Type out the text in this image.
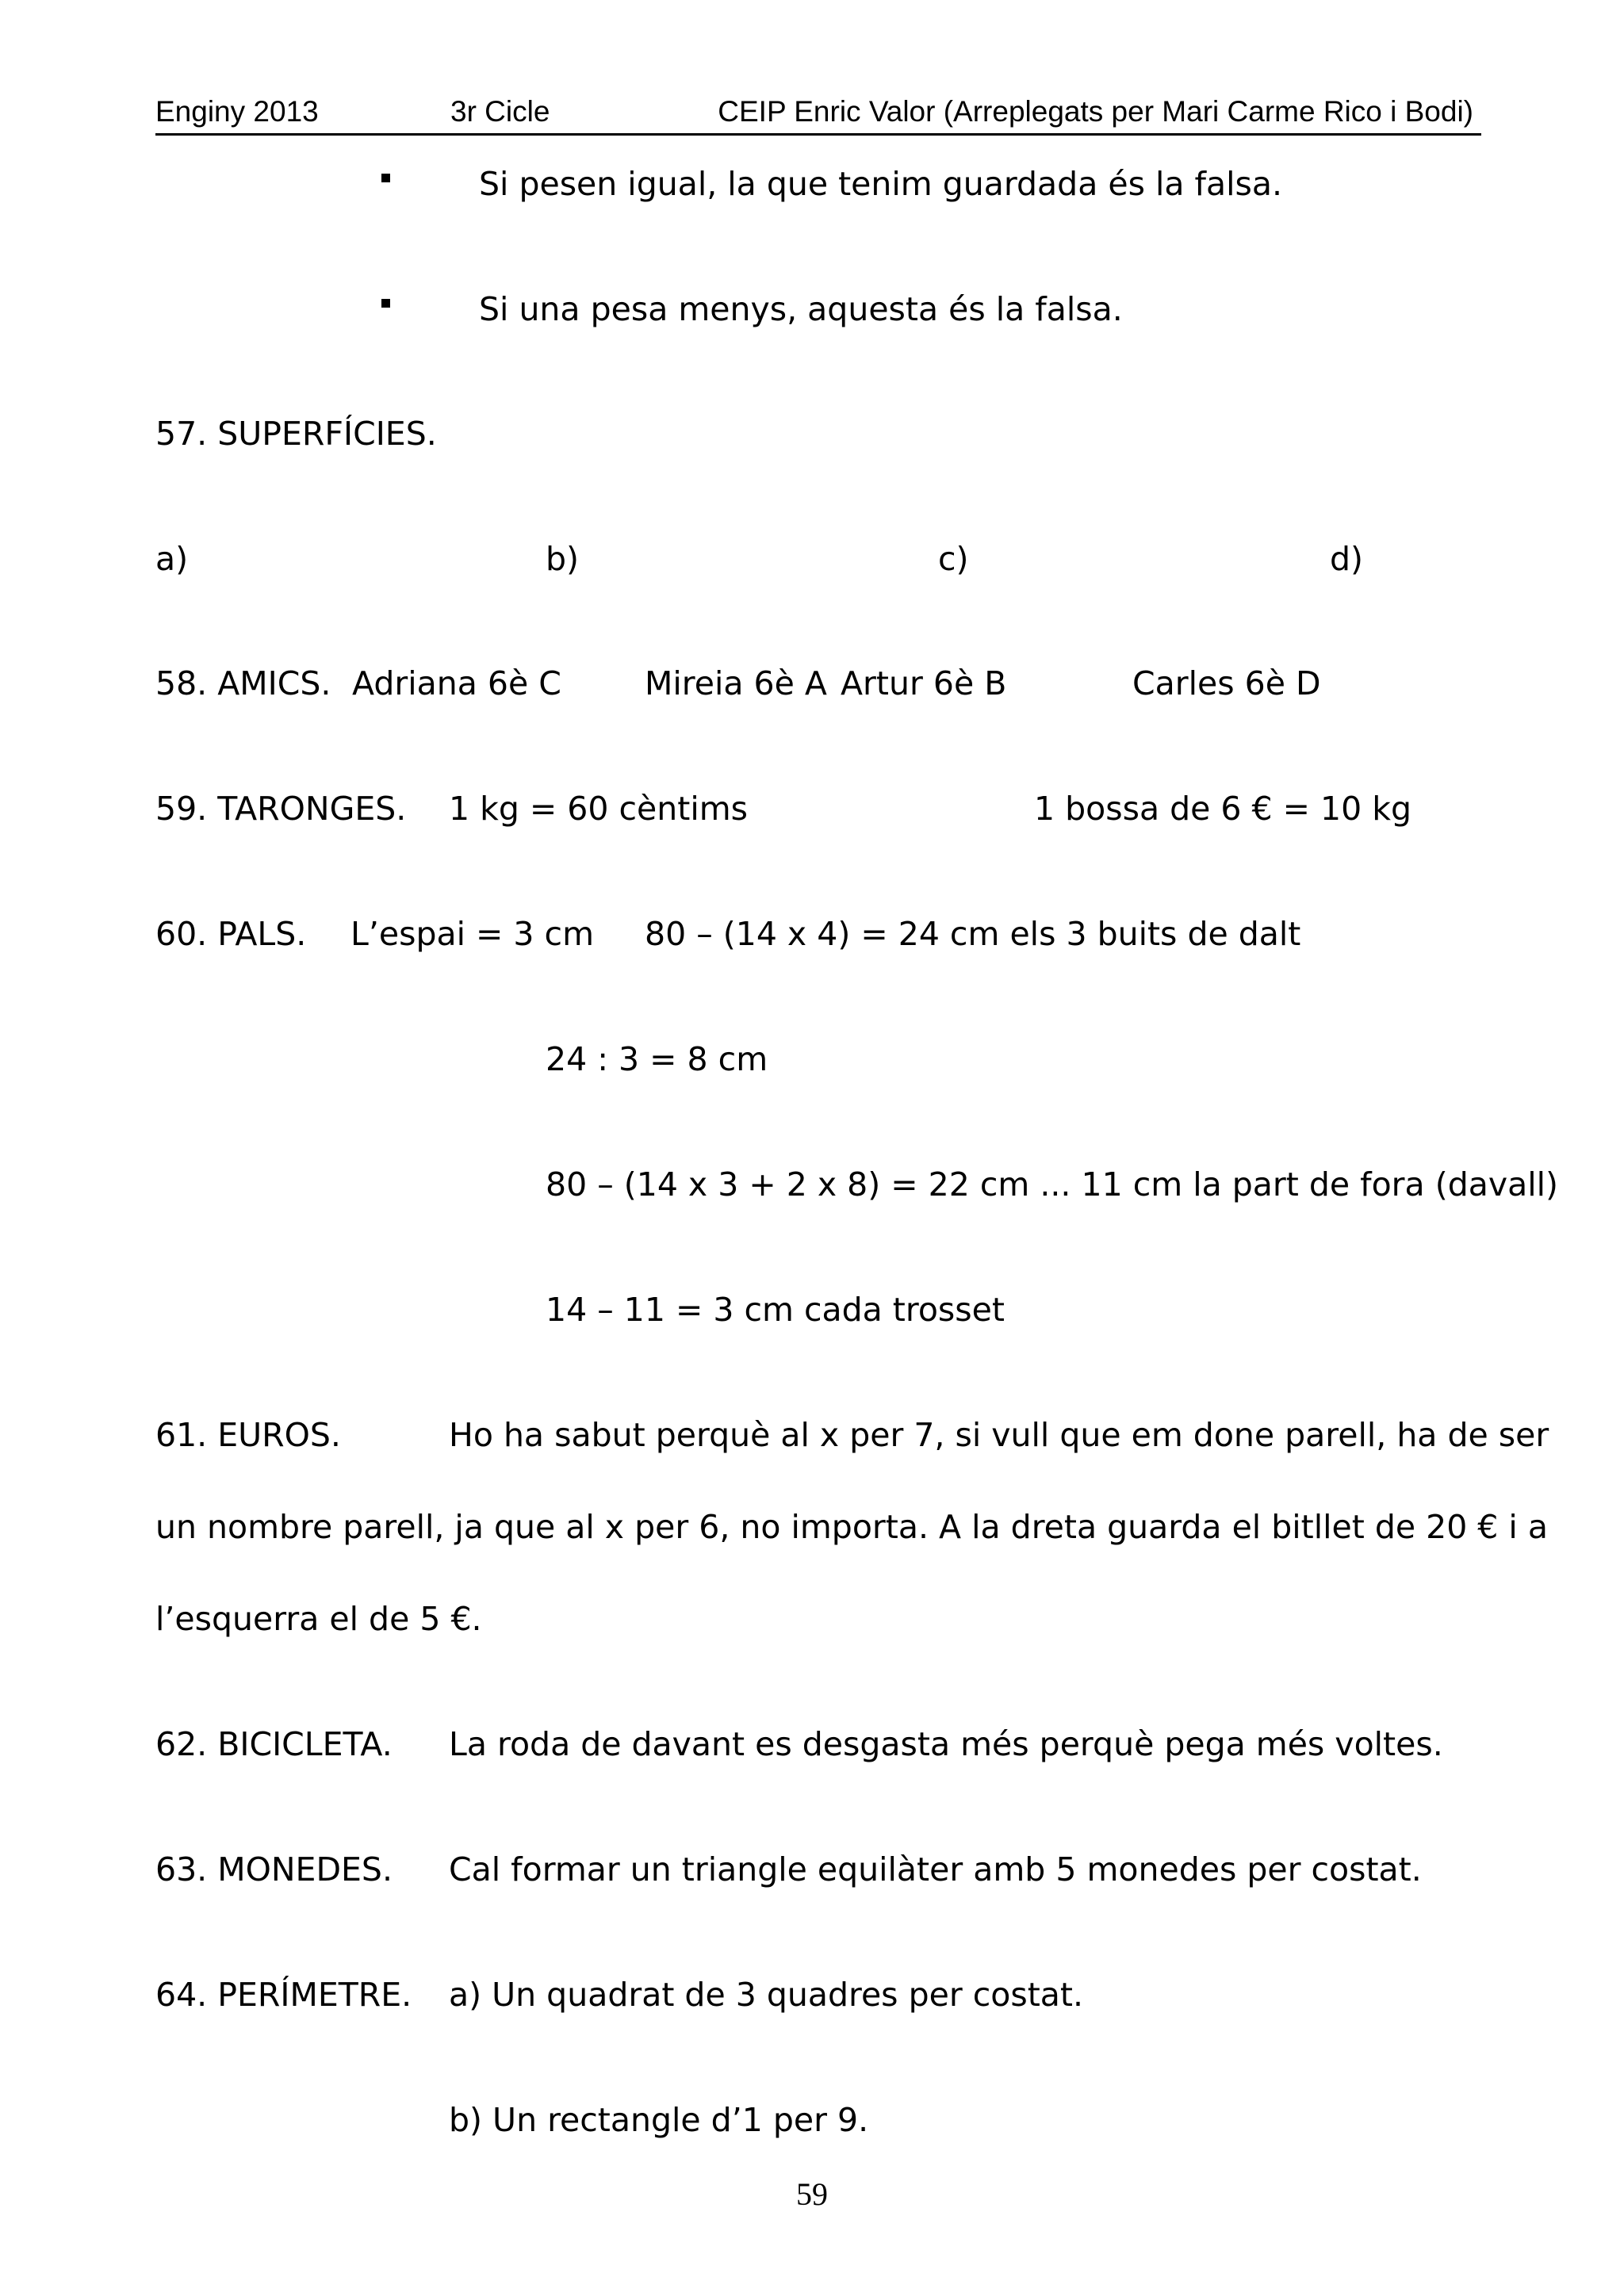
Enginy 2013	3r Cicle	CEIP Enric Valor (Arreplegats per Mari Carme Rico i Bodi)
Si pesen igual, la que tenim guardada és la falsa.
Si una pesa menys, aquesta és la falsa.
57. SUPERFÍCIES.
a)	b)	c)	d)
58. AMICS. Adriana 6è C	Mireia 6è A Artur 6è B	Carles 6è D
59. TARONGES. 1 kg = 60 cèntims	1 bossa de 6 € = 10 kg
60. PALS. L’espai = 3 cm 80 – (14 x 4) = 24 cm els 3 buits de dalt
24 : 3 = 8 cm
80 – (14 x 3 + 2 x 8) = 22 cm ... 11 cm la part de fora (davall)
14 – 11 = 3 cm cada trosset
61. EUROS.	Ho ha sabut perquè al x per 7, si vull que em done parell, ha de ser
un nombre parell, ja que al x per 6, no importa. A la dreta guarda el bitllet de 20 € i a
l’esquerra el de 5 €.
62. BICICLETA. La roda de davant es desgasta més perquè pega més voltes.
63. MONEDES. Cal formar un triangle equilàter amb 5 monedes per costat.
64. PERÍMETRE. a) Un quadrat de 3 quadres per costat.
b) Un rectangle d’1 per 9.
59
